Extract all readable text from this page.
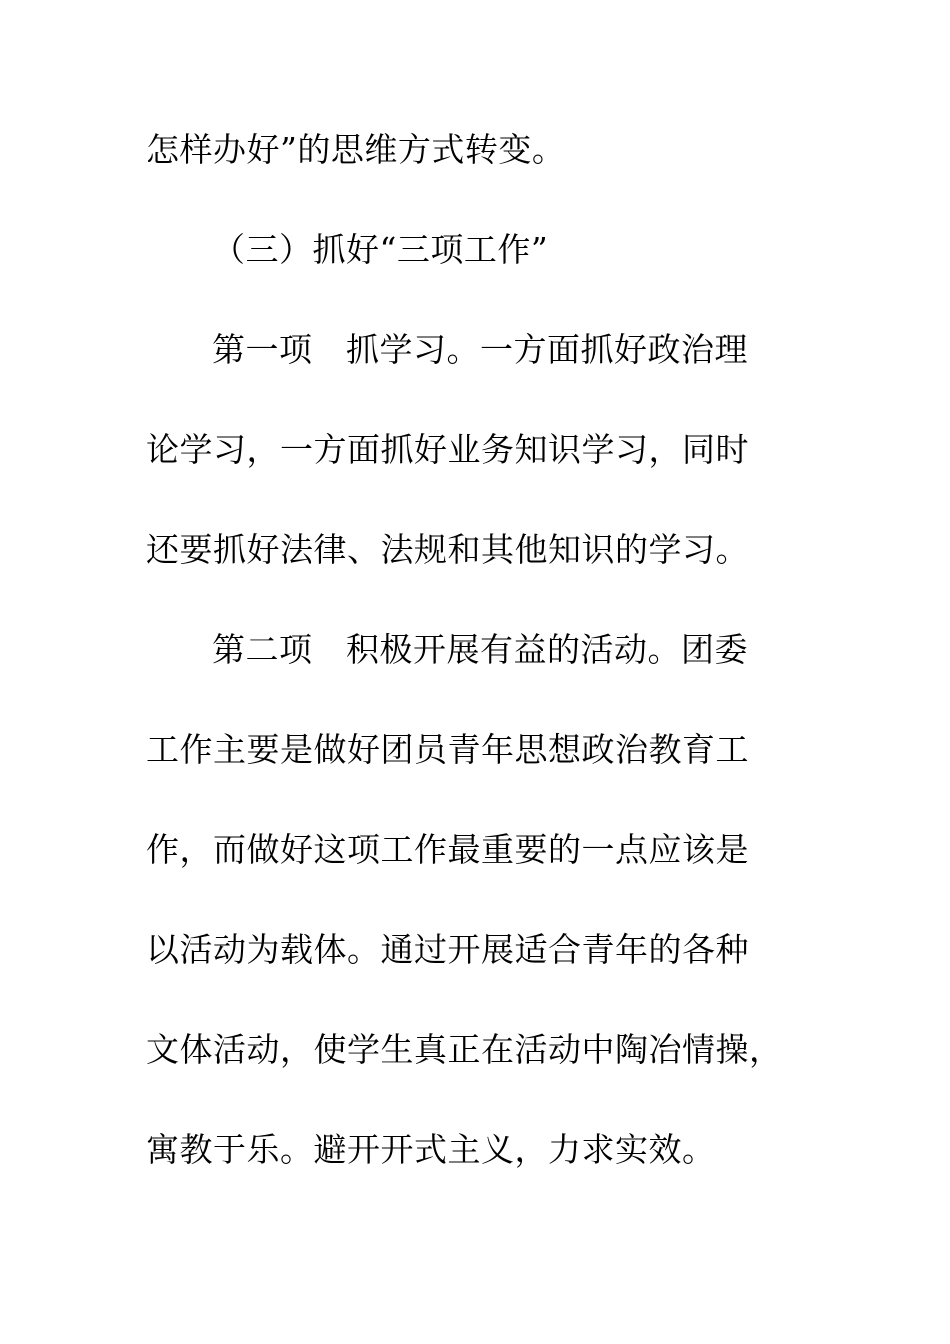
怎样办好”的思维方式转变。
（三）抓好“三项工作”
第一项　抓学习。一方面抓好政治理
论学习，一方面抓好业务知识学习，同时
还要抓好法律、法规和其他知识的学习。
第二项　积极开展有益的活动。团委
工作主要是做好团员青年思想政治教育工
作，而做好这项工作最重要的一点应该是
以活动为载体。通过开展适合青年的各种
文体活动，使学生真正在活动中陶冶情操，
寓教于乐。避开开式主义，力求实效。
